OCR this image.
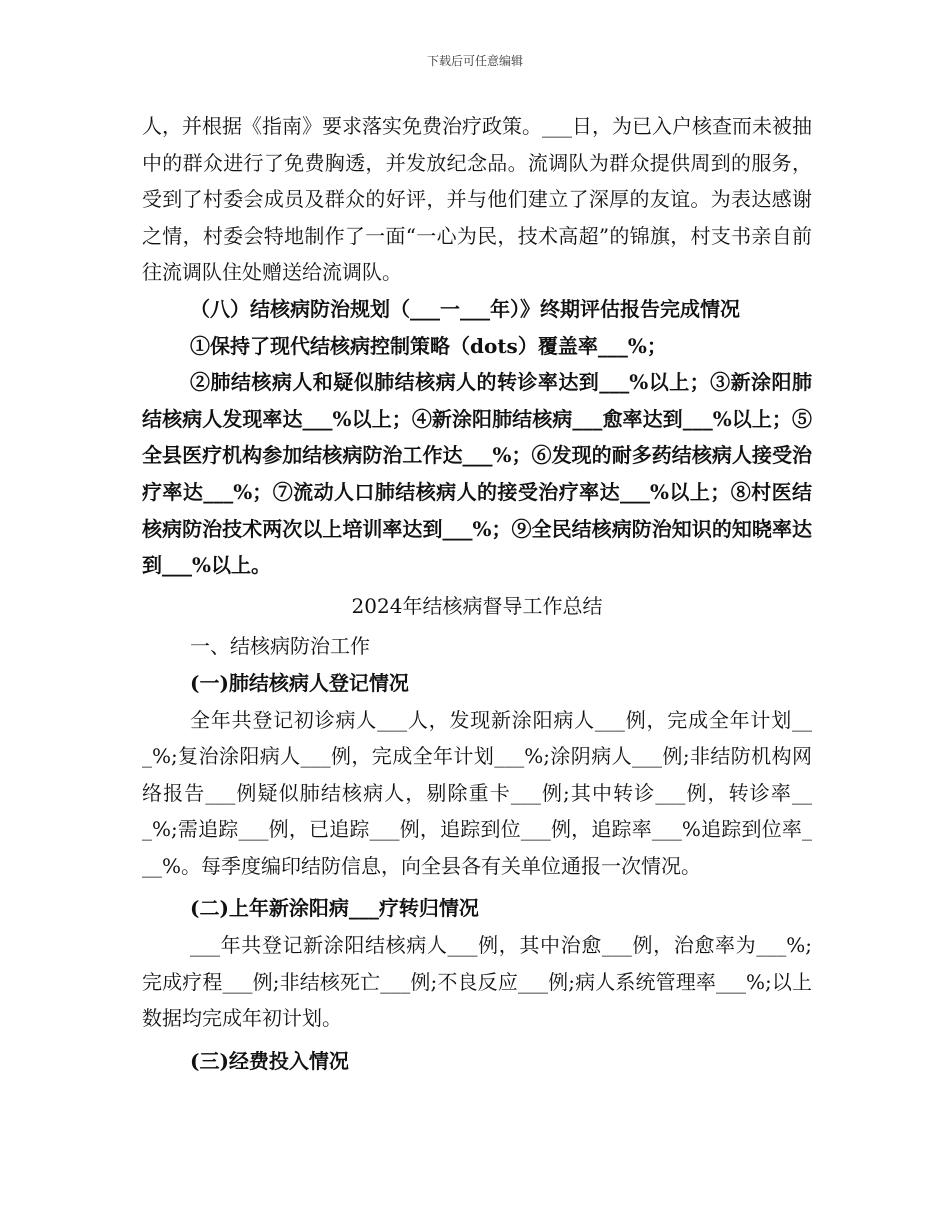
下载后可任意编辑

人，并根据《指南》要求落实免费治疗政策。___日，为已入户核查而未被抽中的群众进行了免费胸透，并发放纪念品。流调队为群众提供周到的服务，受到了村委会成员及群众的好评，并与他们建立了深厚的友谊。为表达感谢之情，村委会特地制作了一面“一心为民，技术高超”的锦旗，村支书亲自前往流调队住处赠送给流调队。

（八）结核病防治规划（___一___年）》终期评估报告完成情况

①保持了现代结核病控制策略（dots）覆盖率___%；

②肺结核病人和疑似肺结核病人的转诊率达到___%以上；③新涂阳肺结核病人发现率达___%以上；④新涂阳肺结核病___愈率达到___%以上；⑤全县医疗机构参加结核病防治工作达___%；⑥发现的耐多药结核病人接受治疗率达___%；⑦流动人口肺结核病人的接受治疗率达___%以上；⑧村医结核病防治技术两次以上培训率达到___%；⑨全民结核病防治知识的知晓率达到___%以上。

2024年结核病督导工作总结

一、结核病防治工作

(一)肺结核病人登记情况

全年共登记初诊病人___人，发现新涂阳病人___例，完成全年计划___%;复治涂阳病人___例，完成全年计划___%;涂阴病人___例;非结防机构网络报告___例疑似肺结核病人，剔除重卡___例;其中转诊___例，转诊率___%;需追踪___例，已追踪___例，追踪到位___例，追踪率___%追踪到位率___%。每季度编印结防信息，向全县各有关单位通报一次情况。

(二)上年新涂阳病___疗转归情况

___年共登记新涂阳结核病人___例，其中治愈___例，治愈率为___%;完成疗程___例;非结核死亡___例;不良反应___例;病人系统管理率___%;以上数据均完成年初计划。

(三)经费投入情况
